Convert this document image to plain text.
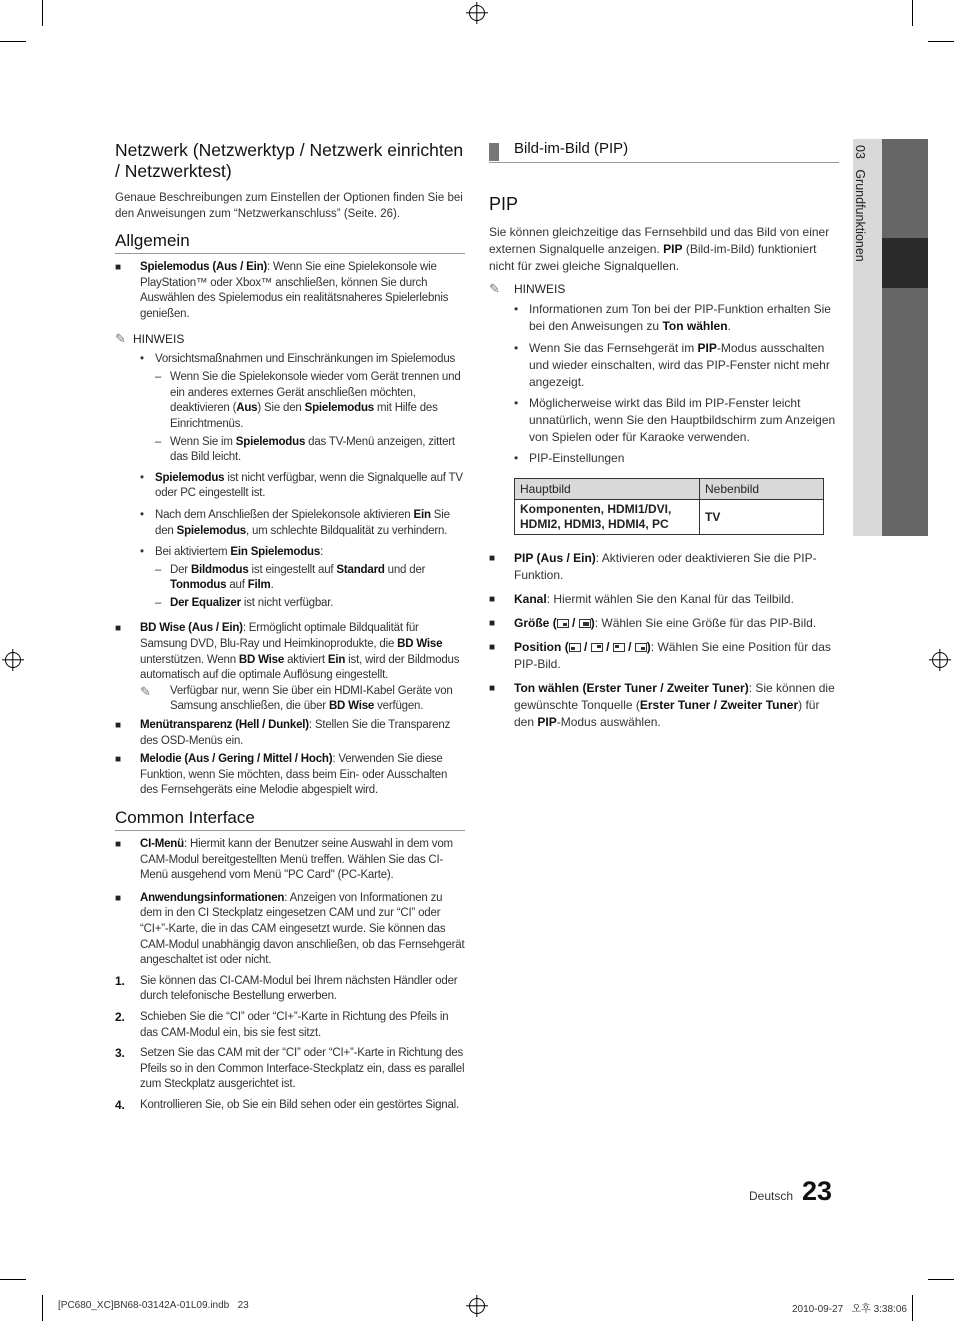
03   Grundfunktionen
Netzwerk (Netzwerktyp / Netzwerk einrichten / Netzwerktest)
Genaue Beschreibungen zum Einstellen der Optionen finden Sie bei den Anweisungen zum “Netzwerkanschluss” (Seite. 26).
Allgemein
■ Spielemodus (Aus / Ein): Wenn Sie eine Spielekonsole wie PlayStation™ oder Xbox™ anschließen, können Sie durch Auswählen des Spielemodus ein realitätsnaheres Spielerlebnis genießen.
✎ HINWEIS
• Vorsichtsmaßnahmen und Einschränkungen im Spielemodus
– Wenn Sie die Spielekonsole wieder vom Gerät trennen und ein anderes externes Gerät anschließen möchten, deaktivieren (Aus) Sie den Spielemodus mit Hilfe des Einrichtmenüs.
– Wenn Sie im Spielemodus das TV-Menü anzeigen, zittert das Bild leicht.
• Spielemodus ist nicht verfügbar, wenn die Signalquelle auf TV oder PC eingestellt ist.
• Nach dem Anschließen der Spielekonsole aktivieren Ein Sie den Spielemodus, um schlechte Bildqualität zu verhindern.
• Bei aktiviertem Ein Spielemodus:
– Der Bildmodus ist eingestellt auf Standard und der Tonmodus auf Film.
– Der Equalizer ist nicht verfügbar.
■ BD Wise (Aus / Ein): Ermöglicht optimale Bildqualität für Samsung DVD, Blu-Ray und Heimkinoprodukte, die BD Wise unterstützen. Wenn BD Wise aktiviert Ein ist, wird der Bildmodus automatisch auf die optimale Auflösung eingestellt.
✎	Verfügbar nur, wenn Sie über ein HDMI-Kabel Geräte von Samsung anschließen, die über BD Wise verfügen.
■ Menütransparenz (Hell / Dunkel): Stellen Sie die Transparenz des OSD-Menüs ein.
■ Melodie (Aus / Gering / Mittel / Hoch): Verwenden Sie diese Funktion, wenn Sie möchten, dass beim Ein- oder Ausschalten des Fernsehgeräts eine Melodie abgespielt wird.
Common Interface
■ CI-Menü: Hiermit kann der Benutzer seine Auswahl in dem vom CAM-Modul bereitgestellten Menü treffen. Wählen Sie das CI-Menü ausgehend vom Menü "PC Card" (PC-Karte).
■ Anwendungsinformationen: Anzeigen von Informationen zu dem in den CI Steckplatz eingesetzen CAM und zur “CI” oder “CI+”-Karte, die in das CAM eingesetzt wurde. Sie können das CAM-Modul unabhängig davon anschließen, ob das Fernsehgerät angeschaltet ist oder nicht.
1. Sie können das CI-CAM-Modul bei Ihrem nächsten Händler oder durch telefonische Bestellung erwerben.
2. Schieben Sie die “CI” oder “CI+”-Karte in Richtung des Pfeils in das CAM-Modul ein, bis sie fest sitzt.
3. Setzen Sie das CAM mit der “CI” oder “CI+”-Karte in Richtung des Pfeils so in den Common Interface-Steckplatz ein, dass es parallel zum Steckplatz ausgerichtet ist.
4. Kontrollieren Sie, ob Sie ein Bild sehen oder ein gestörtes Signal.
Bild-im-Bild (PIP)
PIP
Sie können gleichzeitige das Fernsehbild und das Bild von einer externen Signalquelle anzeigen. PIP (Bild-im-Bild) funktioniert nicht für zwei gleiche Signalquellen.
✎ HINWEIS
• Informationen zum Ton bei der PIP-Funktion erhalten Sie bei den Anweisungen zu Ton wählen.
• Wenn Sie das Fernsehgerät im PIP-Modus ausschalten und wieder einschalten, wird das PIP-Fenster nicht mehr angezeigt.
• Möglicherweise wirkt das Bild im PIP-Fenster leicht unnatürlich, wenn Sie den Hauptbildschirm zum Anzeigen von Spielen oder für Karaoke verwenden.
• PIP-Einstellungen
Hauptbild	Nebenbild
Komponenten, HDMI1/DVI, HDMI2, HDMI3, HDMI4, PC	TV
■ PIP (Aus / Ein): Aktivieren oder deaktivieren Sie die PIP-Funktion.
■ Kanal: Hiermit wählen Sie den Kanal für das Teilbild.
■ Größe ( / ): Wählen Sie eine Größe für das PIP-Bild.
■ Position ( / / / ): Wählen Sie eine Position für das PIP-Bild.
■ Ton wählen (Erster Tuner / Zweiter Tuner): Sie können die gewünschte Tonquelle (Erster Tuner / Zweiter Tuner) für den PIP-Modus auswählen.
Deutsch 23
[PC680_XC]BN68-03142A-01L09.indb   23	2010-09-27   오후 3:38:06
